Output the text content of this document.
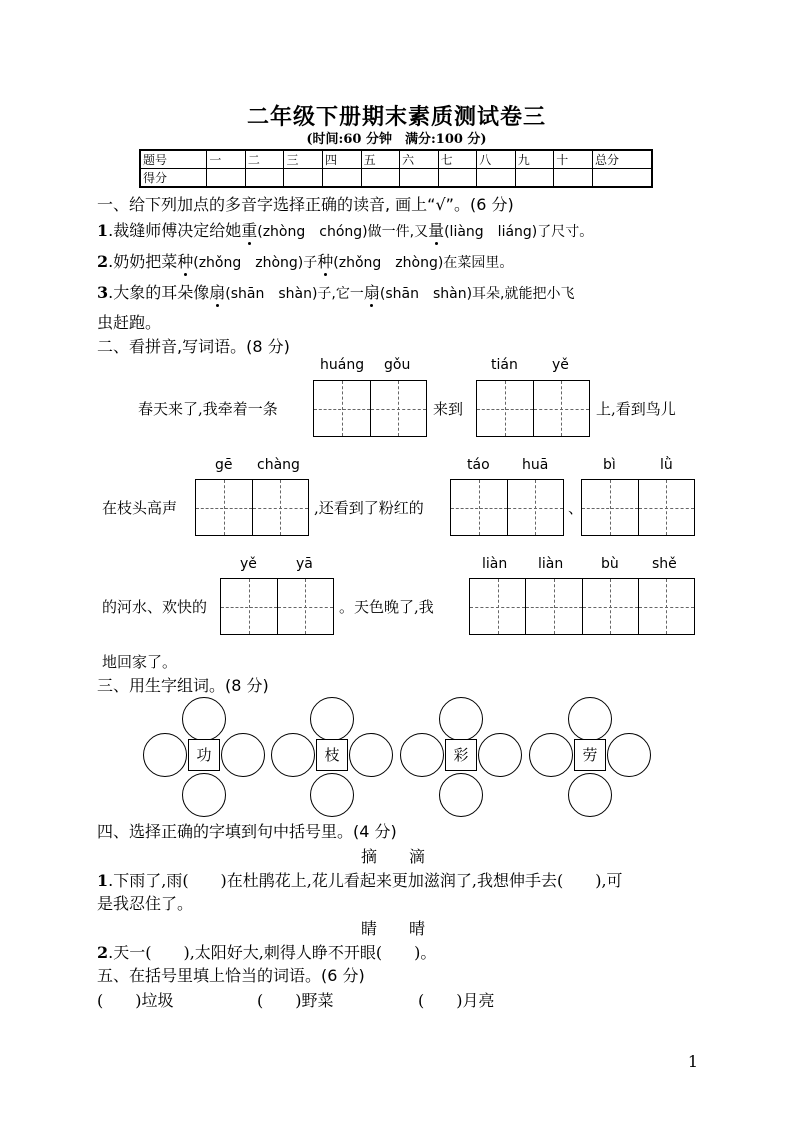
二年级下册期末素质测试卷三
(时间:60 分钟　满分:100 分)
题号	一	二	三	四	五	六	七	八	九	十	总分
得分											
一、给下列加点的多音字选择正确的读音, 画上“√”。(6 分)
1.裁缝师傅决定给她重(zhòng　chóng)做一件,又量(liàng　liáng)了尺寸。
2.奶奶把菜种(zhǒng　zhòng)子种(zhǒng　zhòng)在菜园里。
3.大象的耳朵像扇(shān　shàn)子,它一扇(shān　shàn)耳朵,就能把小飞
虫赶跑。
二、看拼音,写词语。(8 分)
huáng gǒu	tián yě
春天来了,我牵着一条	来到	上,看到鸟儿
gē chàng	táo huā	bì	lǜ
在枝头高声	,还看到了粉红的	、
yě	yā	liàn liàn	bù shě
的河水、欢快的	。天色晚了,我
地回家了。
三、用生字组词。(8 分)
功	枝	彩	劳
四、选择正确的字填到句中括号里。(4 分)
摘　　滴
1.下雨了,雨(　　)在杜鹃花上,花儿看起来更加滋润了,我想伸手去(　　),可
是我忍住了。
睛　　晴
2.天一(　　),太阳好大,刺得人睁不开眼(　　)。
五、在括号里填上恰当的词语。(6 分)
(　　)垃圾	(　　)野菜	(　　)月亮
1
